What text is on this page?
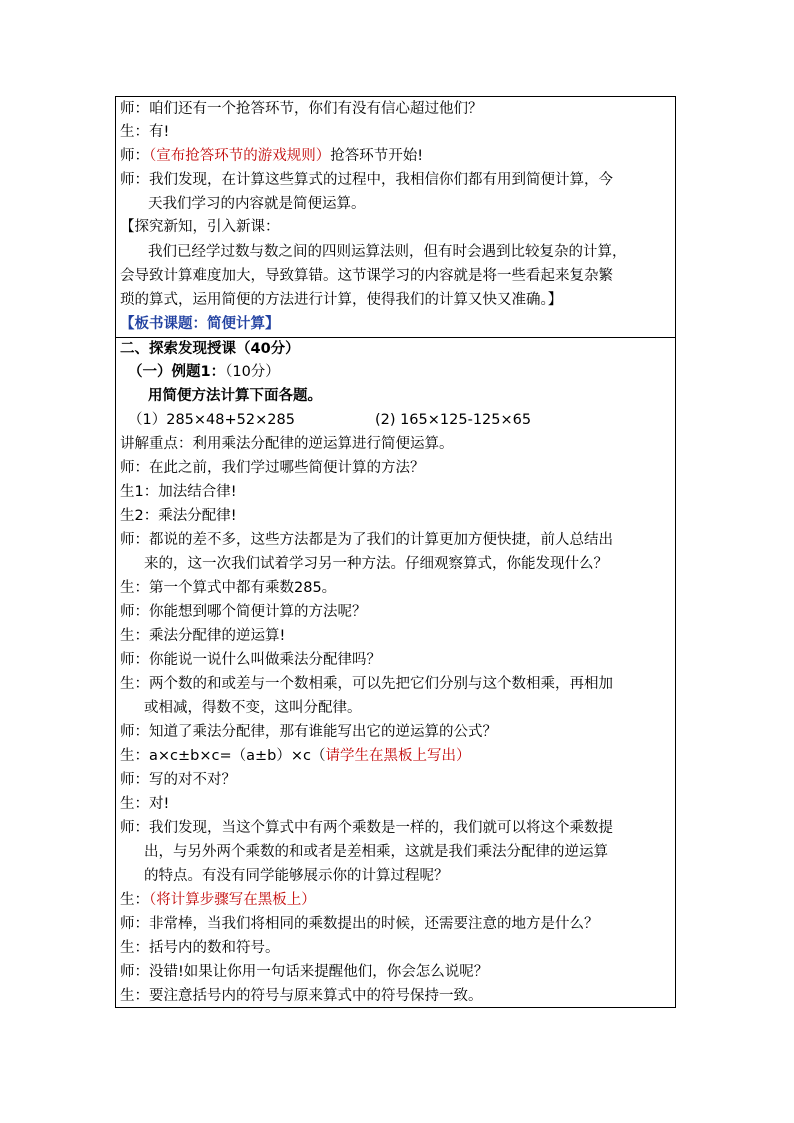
师：咱们还有一个抢答环节，你们有没有信心超过他们？
生：有!
师：（宣布抢答环节的游戏规则）抢答环节开始!
师：我们发现，在计算这些算式的过程中，我相信你们都有用到简便计算，今
天我们学习的内容就是简便运算。
【探究新知，引入新课：
我们已经学过数与数之间的四则运算法则，但有时会遇到比较复杂的计算，
会导致计算难度加大，导致算错。这节课学习的内容就是将一些看起来复杂繁
琐的算式，运用简便的方法进行计算，使得我们的计算又快又准确。】
【板书课题：简便计算】
二、探索发现授课（40分）
（一）例题1：（10分）
用简便方法计算下面各题。
（1）285×48+52×285	(2) 165×125-125×65
讲解重点：利用乘法分配律的逆运算进行简便运算。
师：在此之前，我们学过哪些简便计算的方法？
生1：加法结合律!
生2：乘法分配律!
师：都说的差不多，这些方法都是为了我们的计算更加方便快捷，前人总结出
来的，这一次我们试着学习另一种方法。仔细观察算式，你能发现什么？
生：第一个算式中都有乘数285。
师：你能想到哪个简便计算的方法呢？
生：乘法分配律的逆运算!
师：你能说一说什么叫做乘法分配律吗？
生：两个数的和或差与一个数相乘，可以先把它们分别与这个数相乘，再相加
或相减，得数不变，这叫分配律。
师：知道了乘法分配律，那有谁能写出它的逆运算的公式？
生：a×c±b×c=（a±b）×c（请学生在黑板上写出）
师：写的对不对？
生：对!
师：我们发现，当这个算式中有两个乘数是一样的，我们就可以将这个乘数提
出，与另外两个乘数的和或者是差相乘，这就是我们乘法分配律的逆运算
的特点。有没有同学能够展示你的计算过程呢？
生：（将计算步骤写在黑板上）
师：非常棒，当我们将相同的乘数提出的时候，还需要注意的地方是什么？
生：括号内的数和符号。
师：没错!如果让你用一句话来提醒他们，你会怎么说呢？
生：要注意括号内的符号与原来算式中的符号保持一致。
